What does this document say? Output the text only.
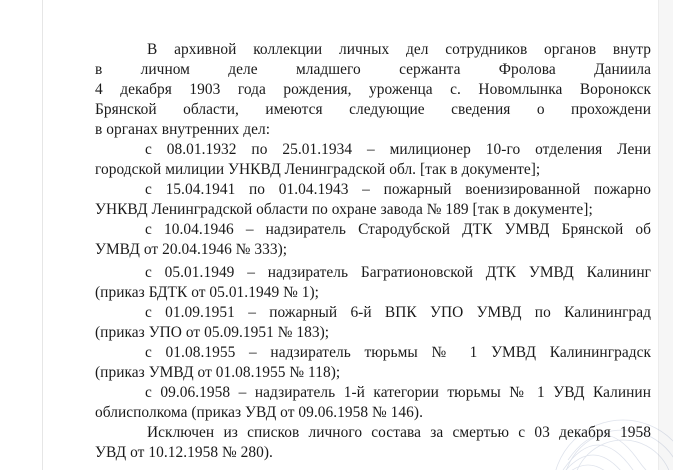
В архивной коллекции личных дел сотрудников органов внутр
в личном деле младшего сержанта Фролова Даниила
4 декабря 1903 года рождения, уроженца с. Новомлынка Воронокск
Брянской области, имеются следующие сведения о прохождени
в органах внутренних дел:
с 08.01.1932 по 25.01.1934 – милиционер 10-го отделения Лени
городской милиции УНКВД Ленинградской обл. [так в документе];
с 15.04.1941 по 01.04.1943 – пожарный военизированной пожарно
УНКВД Ленинградской области по охране завода № 189 [так в документе];
с 10.04.1946 – надзиратель Стародубской ДТК УМВД Брянской об
УМВД от 20.04.1946 № 333);
с 05.01.1949 – надзиратель Багратионовской ДТК УМВД Калининг
(приказ БДТК от 05.01.1949 № 1);
с 01.09.1951 – пожарный 6-й ВПК УПО УМВД по Калининград
(приказ УПО от 05.09.1951 № 183);
с 01.08.1955 – надзиратель тюрьмы № 1 УМВД Калининградск
(приказ УМВД от 01.08.1955 № 118);
с 09.06.1958 – надзиратель 1-й категории тюрьмы № 1 УВД Калинин
облисполкома (приказ УВД от 09.06.1958 № 146).
Исключен из списков личного состава за смертью с 03 декабря 1958
УВД от 10.12.1958 № 280).
